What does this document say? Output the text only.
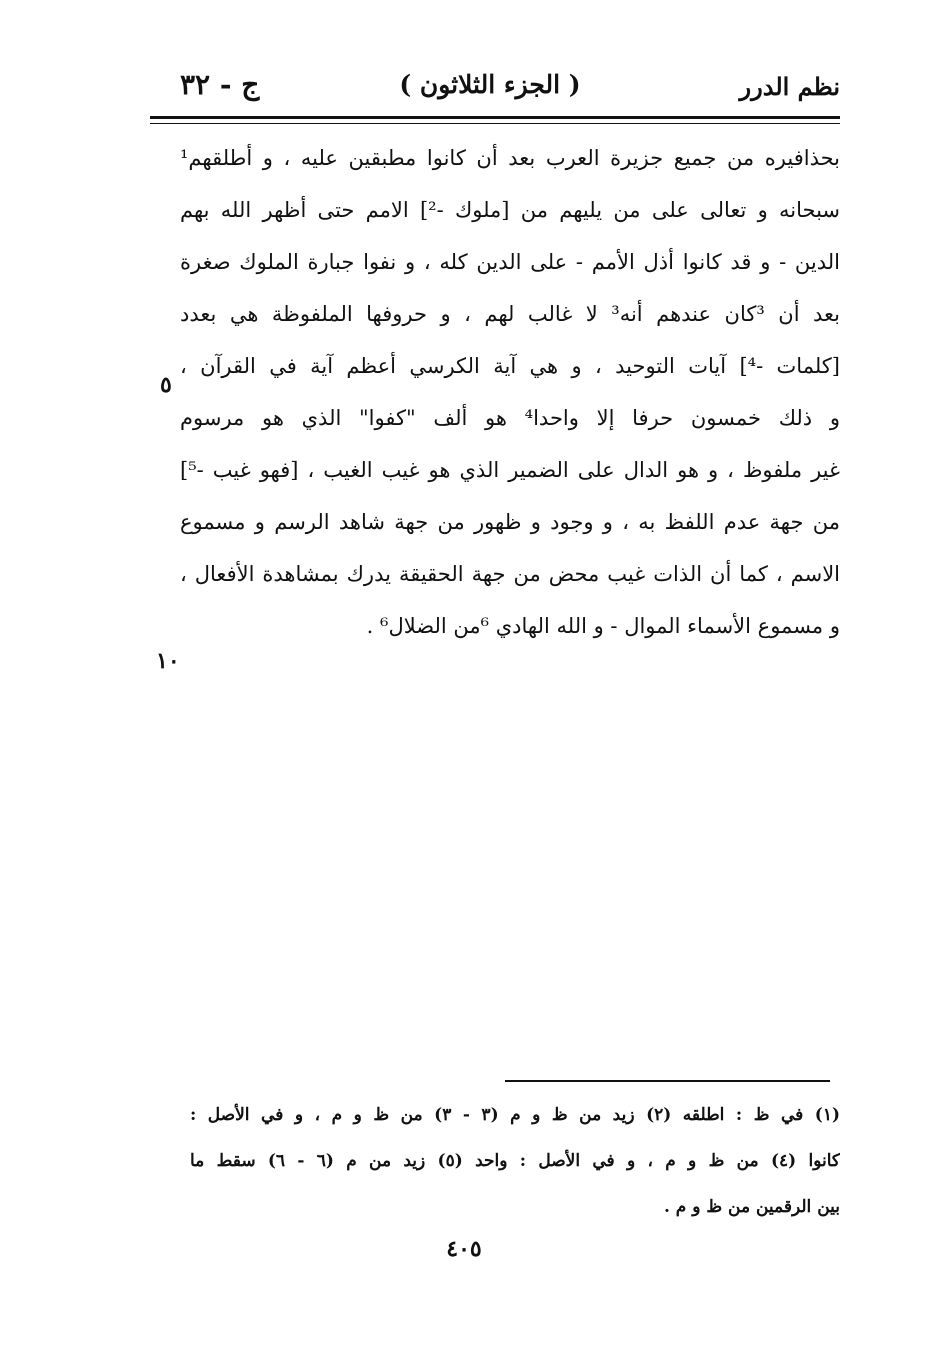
نظم الدرر
( الجزء الثلاثون )
ج - ٣٢
بحذافيره من جميع جزيرة العرب بعد أن كانوا مطبقين عليه ، و أطلقهم¹
سبحانه و تعالى على من يليهم من [ملوك -²] الامم حتى أظهر الله بهم
الدين - و قد كانوا أذل الأمم - على الدين كله ، و نفوا جبارة الملوك صغرة
بعد أن ³كان عندهم أنه³ لا غالب لهم ، و حروفها الملفوظة هي بعدد
[كلمات -⁴] آيات التوحيد ، و هي آية الكرسي أعظم آية في القرآن ،
و ذلك خمسون حرفا إلا واحدا⁴ هو ألف "كفوا" الذي هو مرسوم
غير ملفوظ ، و هو الدال على الضمير الذي هو غيب الغيب ، [فهو غيب -⁵]
من جهة عدم اللفظ به ، و وجود و ظهور من جهة شاهد الرسم و مسموع
الاسم ، كما أن الذات غيب محض من جهة الحقيقة يدرك بمشاهدة الأفعال ،
و مسموع الأسماء الموال - و الله الهادي ⁶من الضلال⁶ .
٥
١٠
(١) في ظ : اطلقه (٢) زيد من ظ و م (٣ - ٣) من ظ و م ، و في الأصل :
كانوا (٤) من ظ و م ، و في الأصل : واحد (٥) زيد من م (٦ - ٦) سقط ما
بين الرقمين من ظ و م .
٤٠٥
